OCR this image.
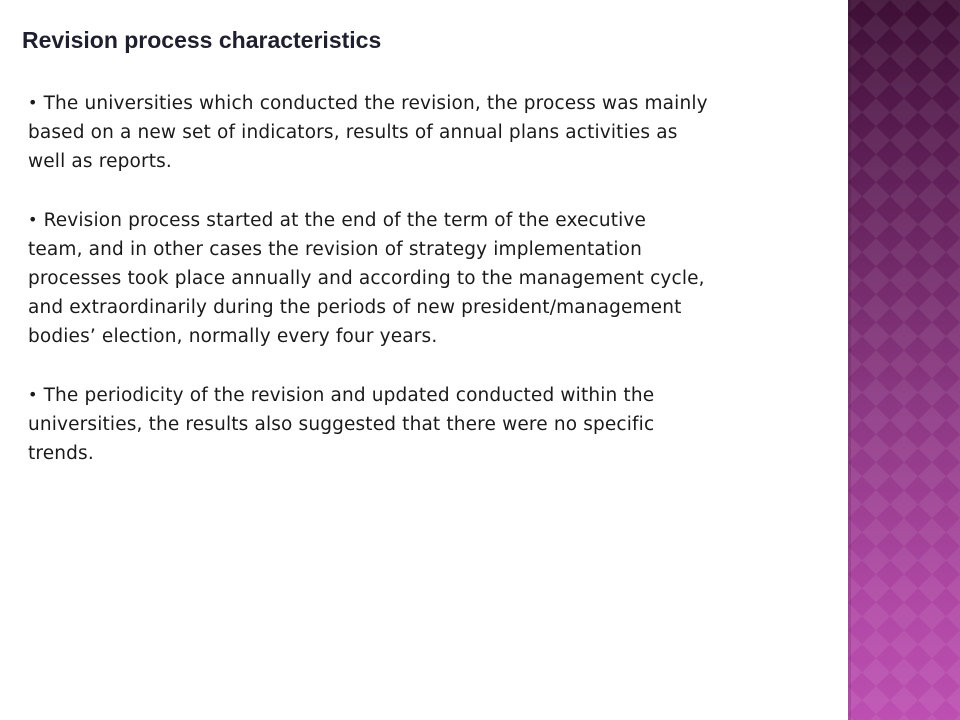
Revision process characteristics
• The universities which conducted the revision, the process was mainly
based on a new set of indicators, results of annual plans activities as
well as reports.
• Revision process started at the end of the term of the executive
team, and in other cases the revision of strategy implementation
processes took place annually and according to the management cycle,
and extraordinarily during the periods of new president/management
bodies’ election, normally every four years.
• The periodicity of the revision and updated conducted within the
universities, the results also suggested that there were no specific
trends.
